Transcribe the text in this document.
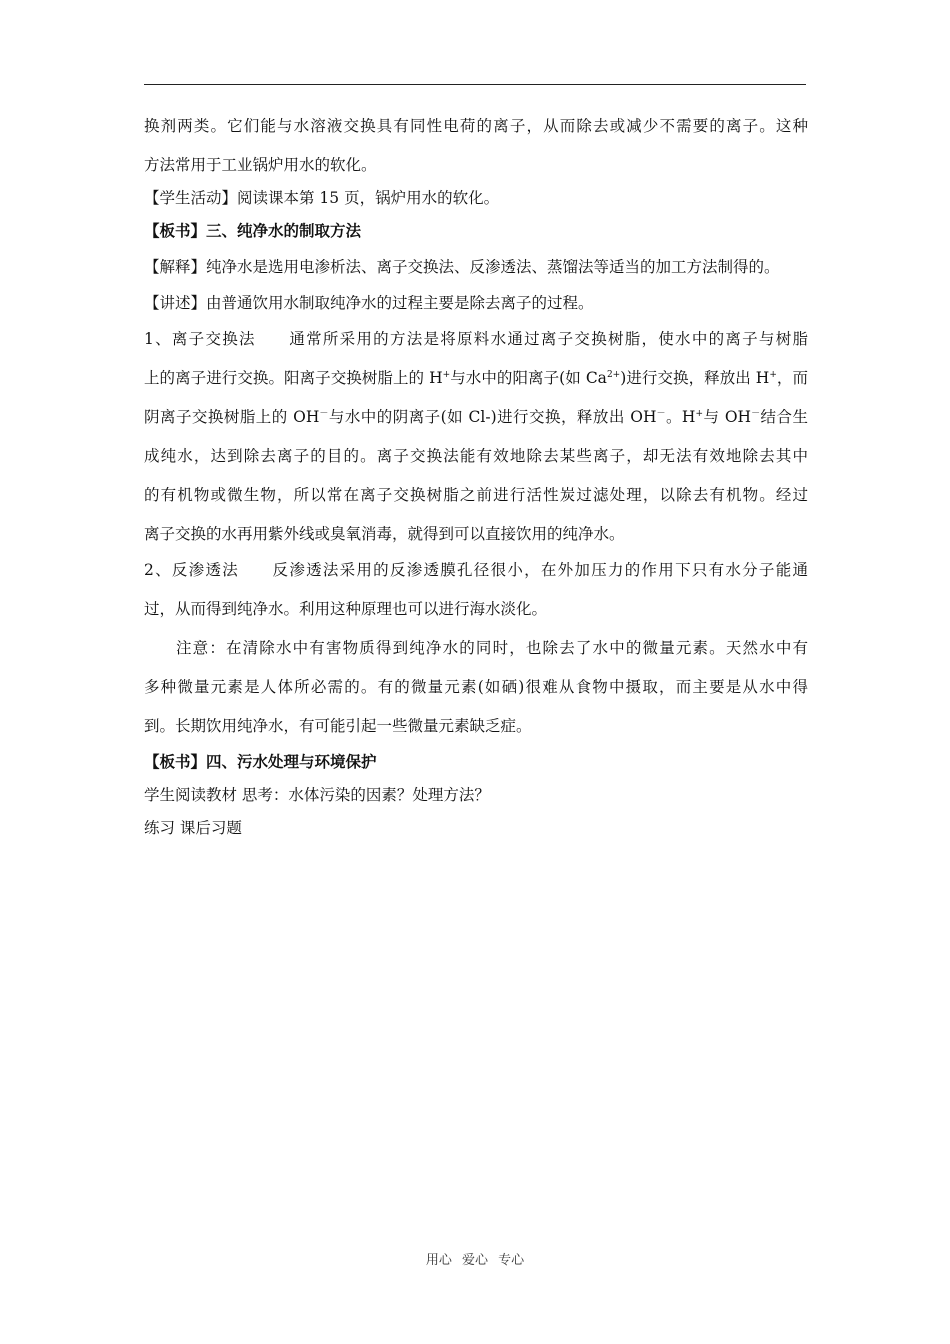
换剂两类。它们能与水溶液交换具有同性电荷的离子，从而除去或减少不需要的离子。这种
方法常用于工业锅炉用水的软化。
【学生活动】阅读课本第 15 页，锅炉用水的软化。
【板书】三、纯净水的制取方法
【解释】纯净水是选用电渗析法、离子交换法、反渗透法、蒸馏法等适当的加工方法制得的。
【讲述】由普通饮用水制取纯净水的过程主要是除去离子的过程。
1、离子交换法　　 通常所采用的方法是将原料水通过离子交换树脂，使水中的离子与树脂
上的离子进行交换。阳离子交换树脂上的 H+与水中的阳离子(如 $Ca^{2+}$)进行交换，释放出 H+，而
阴离子交换树脂上的 OH－与水中的阴离子(如 Cl-)进行交换，释放出 OH－。H+与 OH－结合生
成纯水，达到除去离子的目的。离子交换法能有效地除去某些离子，却无法有效地除去其中
的有机物或微生物，所以常在离子交换树脂之前进行活性炭过滤处理，以除去有机物。经过
离子交换的水再用紫外线或臭氧消毒，就得到可以直接饮用的纯净水。
2、反渗透法　　 反渗透法采用的反渗透膜孔径很小，在外加压力的作用下只有水分子能通
过，从而得到纯净水。利用这种原理也可以进行海水淡化。
注意：在清除水中有害物质得到纯净水的同时，也除去了水中的微量元素。天然水中有
多种微量元素是人体所必需的。有的微量元素(如硒)很难从食物中摄取，而主要是从水中得
到。长期饮用纯净水，有可能引起一些微量元素缺乏症。
【板书】四、污水处理与环境保护
学生阅读教材 思考：水体污染的因素？处理方法？
练习 课后习题
用心 爱心 专心
